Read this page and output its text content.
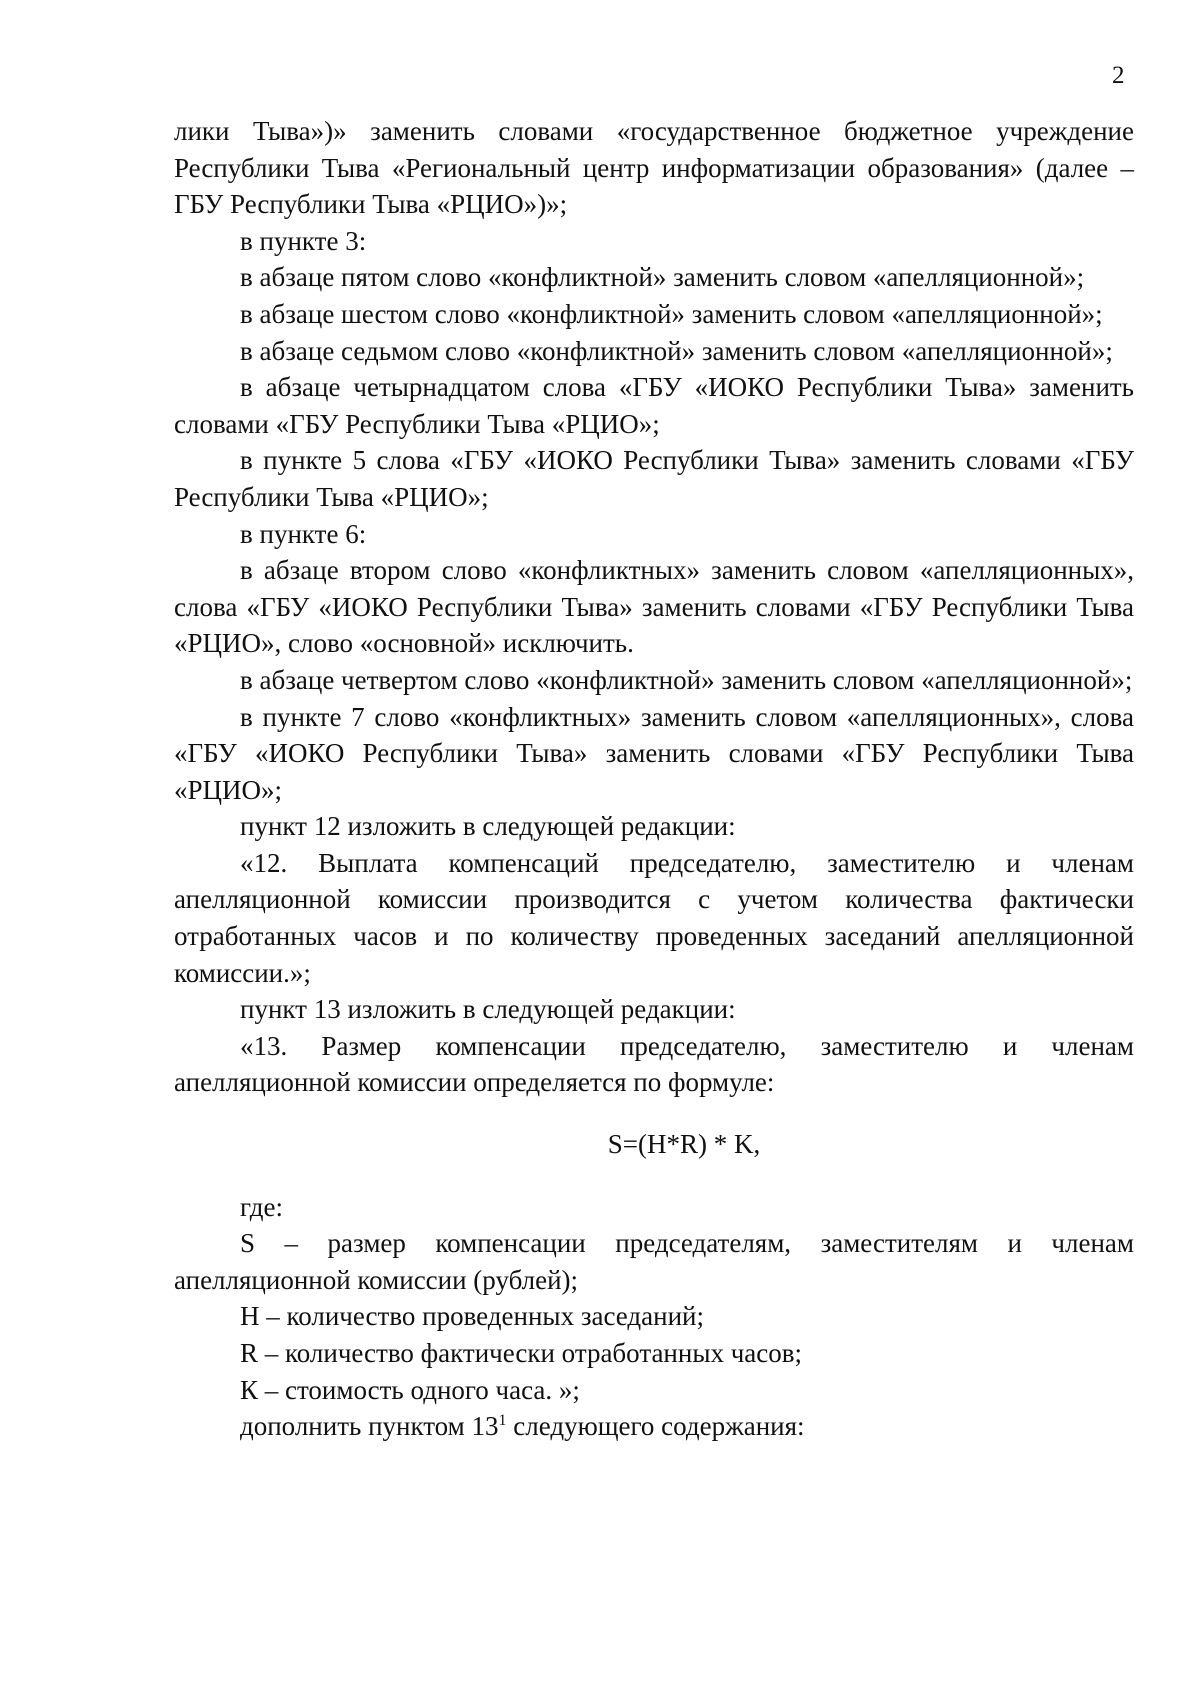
2

лики Тыва»)» заменить словами «государственное бюджетное учреждение Республики Тыва «Региональный центр информатизации образования» (далее – ГБУ Республики Тыва «РЦИО»)»;

в пункте 3:

в абзаце пятом слово «конфликтной» заменить словом «апелляционной»;

в абзаце шестом слово «конфликтной» заменить словом «апелляционной»;

в абзаце седьмом слово «конфликтной» заменить словом «апелляционной»;

в абзаце четырнадцатом слова «ГБУ «ИОКО Республики Тыва» заменить словами «ГБУ Республики Тыва «РЦИО»;

в пункте 5 слова «ГБУ «ИОКО Республики Тыва» заменить словами «ГБУ Республики Тыва «РЦИО»;

в пункте 6:

в абзаце втором слово «конфликтных» заменить словом «апелляционных», слова «ГБУ «ИОКО Республики Тыва» заменить словами «ГБУ Республики Тыва «РЦИО», слово «основной» исключить.

в абзаце четвертом слово «конфликтной» заменить словом «апелляционной»;

в пункте 7 слово «конфликтных» заменить словом «апелляционных», слова «ГБУ «ИОКО Республики Тыва» заменить словами «ГБУ Республики Тыва «РЦИО»;

пункт 12 изложить в следующей редакции:

«12. Выплата компенсаций председателю, заместителю и членам апелляционной комиссии производится с учетом количества фактически отработанных часов и по количеству проведенных заседаний апелляционной комиссии.»;

пункт 13 изложить в следующей редакции:

«13. Размер компенсации председателю, заместителю и членам апелляционной комиссии определяется по формуле:

S=(H*R) * K,

где:

S – размер компенсации председателям, заместителям и членам апелляционной комиссии (рублей);

Н – количество проведенных заседаний;

R – количество фактически отработанных часов;

К – стоимость одного часа. »;

дополнить пунктом 13$^1$ следующего содержания:
